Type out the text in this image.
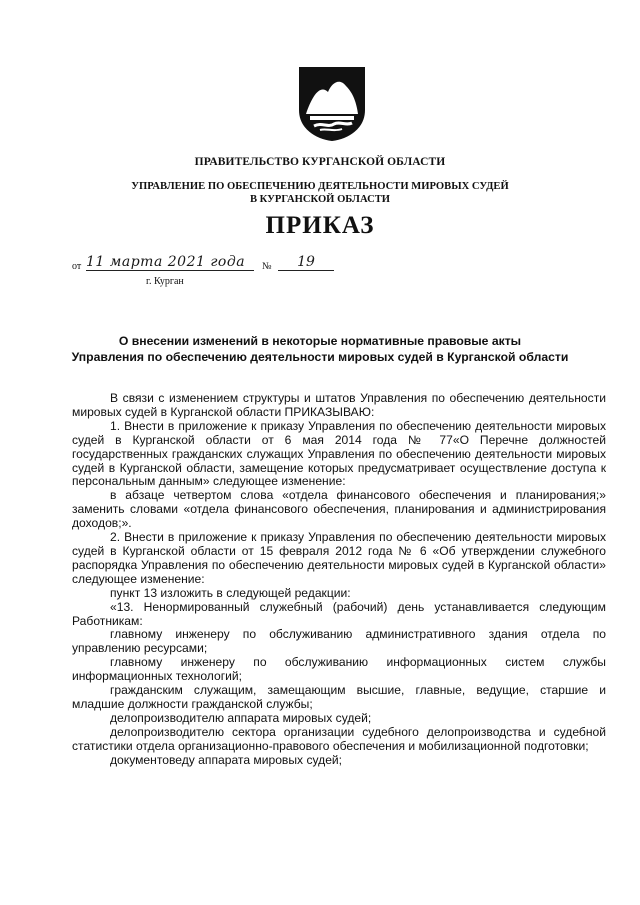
ПРАВИТЕЛЬСТВО КУРГАНСКОЙ ОБЛАСТИ
УПРАВЛЕНИЕ ПО ОБЕСПЕЧЕНИЮ ДЕЯТЕЛЬНОСТИ МИРОВЫХ СУДЕЙ
В КУРГАНСКОЙ ОБЛАСТИ
ПРИКАЗ
от 11 марта 2021 года	№	19
г. Курган
О внесении изменений в некоторые нормативные правовые акты
Управления по обеспечению деятельности мировых судей в Курганской области

В связи с изменением структуры и штатов Управления по обеспечению деятельности мировых судей в Курганской области ПРИКАЗЫВАЮ:

1. Внести в приложение к приказу Управления по обеспечению деятельности мировых судей в Курганской области от 6 мая 2014 года № 77«О Перечне должностей государственных гражданских служащих Управления по обеспечению деятельности мировых судей в Курганской области, замещение которых предусматривает осуществление доступа к персональным данным» следующее изменение:

в абзаце четвертом слова «отдела финансового обеспечения и планирования;» заменить словами «отдела финансового обеспечения, планирования и администрирования доходов;».

2. Внести в приложение к приказу Управления по обеспечению деятельности мировых судей в Курганской области от 15 февраля 2012 года № 6 «Об утверждении служебного распорядка Управления по обеспечению деятельности мировых судей в Курганской области» следующее изменение:

пункт 13 изложить в следующей редакции:

«13. Ненормированный служебный (рабочий) день устанавливается следующим Работникам:

главному инженеру по обслуживанию административного здания отдела по управлению ресурсами;

главному инженеру по обслуживанию информационных систем службы информационных технологий;

гражданским служащим, замещающим высшие, главные, ведущие, старшие и младшие должности гражданской службы;

делопроизводителю аппарата мировых судей;

делопроизводителю сектора организации судебного делопроизводства и судебной статистики отдела организационно-правового обеспечения и мобилизационной подготовки;

документоведу аппарата мировых судей;
